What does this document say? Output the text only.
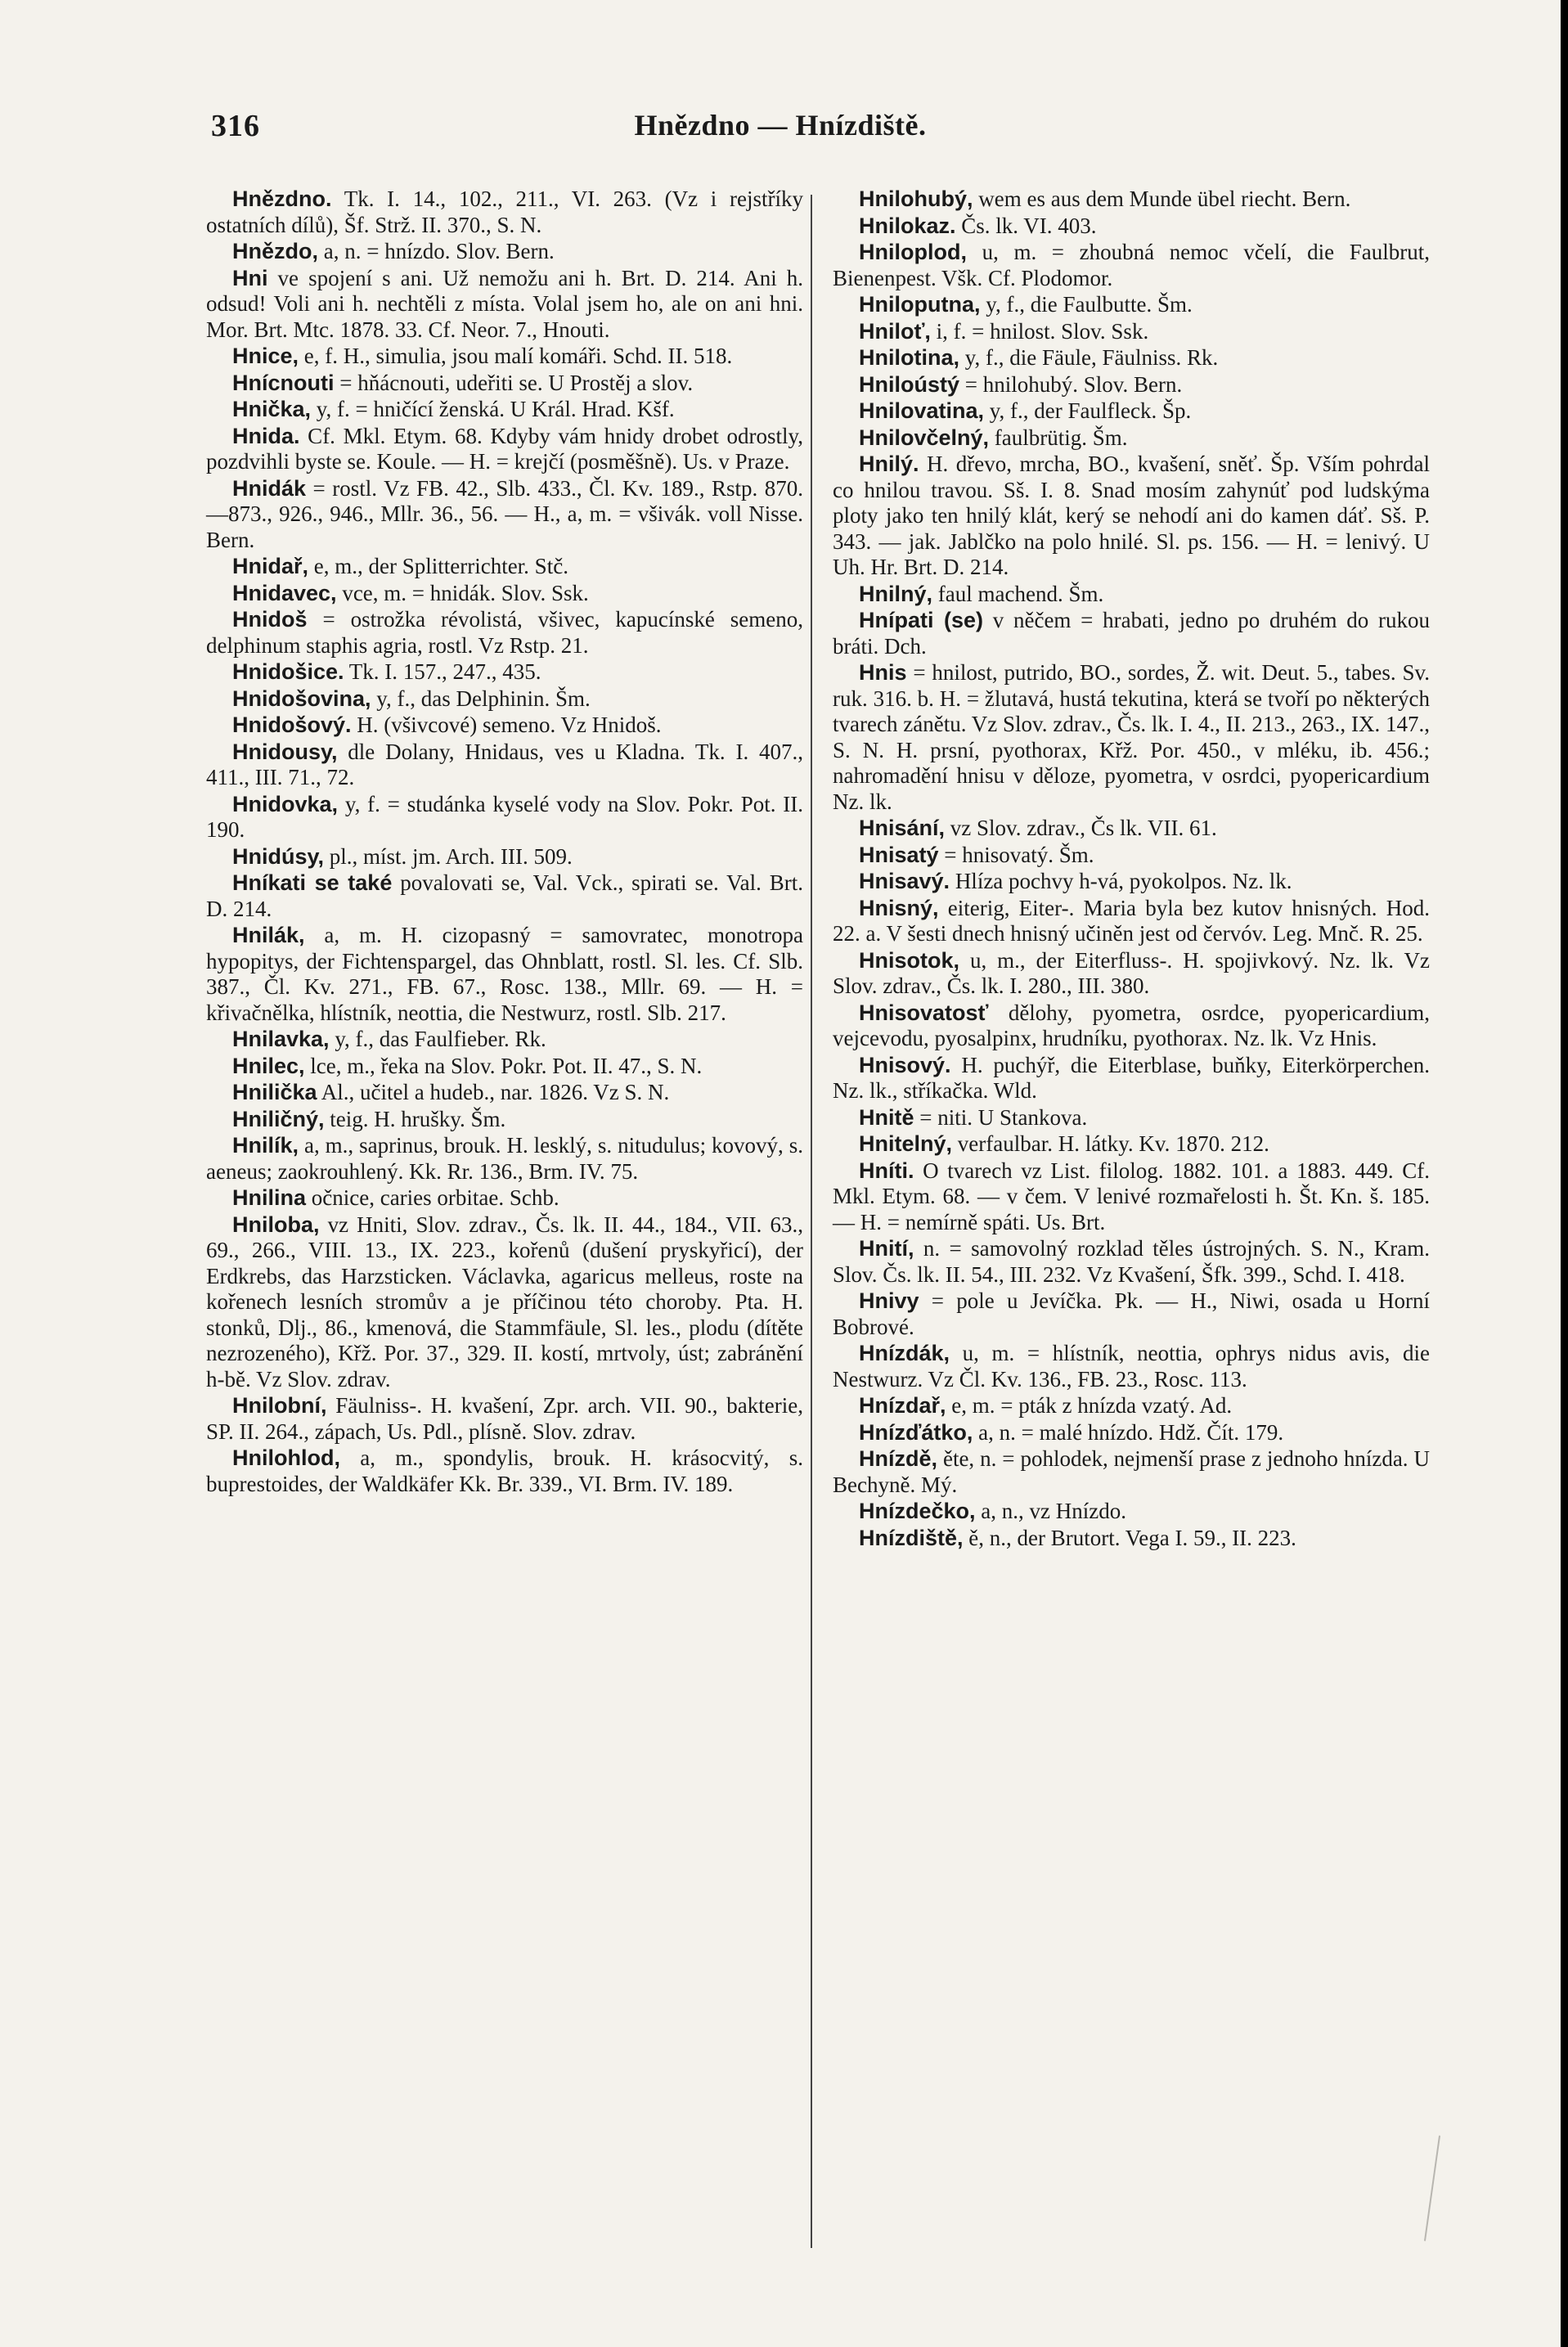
316	Hnězdno — Hnízdiště.

Hnězdno. Tk. I. 14., 102., 211., VI. 263. (Vz i rejstříky ostatních dílů), Šf. Strž. II. 370., S. N.

Hnězdo, a, n. = hnízdo. Slov. Bern.

Hni ve spojení s ani. Už nemožu ani h. Brt. D. 214. Ani h. odsud! Voli ani h. nechtěli z místa. Volal jsem ho, ale on ani hni. Mor. Brt. Mtc. 1878. 33. Cf. Neor. 7., Hnouti.

Hnice, e, f. H., simulia, jsou malí komáři. Schd. II. 518.

Hnícnouti = hňácnouti, udeřiti se. U Prostěj a slov.

Hnička, y, f. = hničící ženská. U Král. Hrad. Kšf.

Hnida. Cf. Mkl. Etym. 68. Kdyby vám hnidy drobet odrostly, pozdvihli byste se. Koule. — H. = krejčí (posměšně). Us. v Praze.

Hnidák = rostl. Vz FB. 42., Slb. 433., Čl. Kv. 189., Rstp. 870.—873., 926., 946., Mllr. 36., 56. — H., a, m. = všivák. voll Nisse. Bern.

Hnidař, e, m., der Splitterrichter. Stč.

Hnidavec, vce, m. = hnidák. Slov. Ssk.

Hnidoš = ostrožka révolistá, všivec, kapucínské semeno, delphinum staphis agria, rostl. Vz Rstp. 21.

Hnidošice. Tk. I. 157., 247., 435.

Hnidošovina, y, f., das Delphinin. Šm.

Hnidošový. H. (všivcové) semeno. Vz Hnidoš.

Hnidousy, dle Dolany, Hnidaus, ves u Kladna. Tk. I. 407., 411., III. 71., 72.

Hnidovka, y, f. = studánka kyselé vody na Slov. Pokr. Pot. II. 190.

Hnidúsy, pl., míst. jm. Arch. III. 509.

Hníkati se také povalovati se, Val. Vck., spirati se. Val. Brt. D. 214.

Hnilák, a, m. H. cizopasný = samovratec, monotropa hypopitys, der Fichtenspargel, das Ohnblatt, rostl. Sl. les. Cf. Slb. 387., Čl. Kv. 271., FB. 67., Rosc. 138., Mllr. 69. — H. = křivačnělka, hlístník, neottia, die Nestwurz, rostl. Slb. 217.

Hnilavka, y, f., das Faulfieber. Rk.

Hnilec, lce, m., řeka na Slov. Pokr. Pot. II. 47., S. N.

Hnilička Al., učitel a hudeb., nar. 1826. Vz S. N.

Hniličný, teig. H. hrušky. Šm.

Hnilík, a, m., saprinus, brouk. H. lesklý, s. nitudulus; kovový, s. aeneus; zaokrouhlený. Kk. Rr. 136., Brm. IV. 75.

Hnilina očnice, caries orbitae. Schb.

Hniloba, vz Hniti, Slov. zdrav., Čs. lk. II. 44., 184., VII. 63., 69., 266., VIII. 13., IX. 223., kořenů (dušení pryskyřicí), der Erdkrebs, das Harzsticken. Václavka, agaricus melleus, roste na kořenech lesních stromův a je příčinou této choroby. Pta. H. stonků, Dlj., 86., kmenová, die Stammfäule, Sl. les., plodu (dítěte nezrozeného), Křž. Por. 37., 329. II. kostí, mrtvoly, úst; zabránění h-bě. Vz Slov. zdrav.

Hnilobní, Fäulniss-. H. kvašení, Zpr. arch. VII. 90., bakterie, SP. II. 264., zápach, Us. Pdl., plísně. Slov. zdrav.

Hnilohlod, a, m., spondylis, brouk. H. krásocvitý, s. buprestoides, der Waldkäfer Kk. Br. 339., VI. Brm. IV. 189.

Hnilohubý, wem es aus dem Munde übel riecht. Bern.

Hnilokaz. Čs. lk. VI. 403.

Hniloplod, u, m. = zhoubná nemoc včelí, die Faulbrut, Bienenpest. Všk. Cf. Plodomor.

Hniloputna, y, f., die Faulbutte. Šm.

Hniloť, i, f. = hnilost. Slov. Ssk.

Hnilotina, y, f., die Fäule, Fäulniss. Rk.

Hniloústý = hnilohubý. Slov. Bern.

Hnilovatina, y, f., der Faulfleck. Šp.

Hnilovčelný, faulbrütig. Šm.

Hnilý. H. dřevo, mrcha, BO., kvašení, sněť. Šp. Vším pohrdal co hnilou travou. Sš. I. 8. Snad mosím zahynúť pod ludskýma ploty jako ten hnilý klát, kerý se nehodí ani do kamen dáť. Sš. P. 343. — jak. Jablčko na polo hnilé. Sl. ps. 156. — H. = lenivý. U Uh. Hr. Brt. D. 214.

Hnilný, faul machend. Šm.

Hnípati (se) v něčem = hrabati, jedno po druhém do rukou bráti. Dch.

Hnis = hnilost, putrido, BO., sordes, Ž. wit. Deut. 5., tabes. Sv. ruk. 316. b. H. = žlutavá, hustá tekutina, která se tvoří po některých tvarech zánětu. Vz Slov. zdrav., Čs. lk. I. 4., II. 213., 263., IX. 147., S. N. H. prsní, pyothorax, Křž. Por. 450., v mléku, ib. 456.; nahromadění hnisu v děloze, pyometra, v osrdci, pyopericardium Nz. lk.

Hnisání, vz Slov. zdrav., Čs lk. VII. 61.

Hnisatý = hnisovatý. Šm.

Hnisavý. Hlíza pochvy h-vá, pyokolpos. Nz. lk.

Hnisný, eiterig, Eiter-. Maria byla bez kutov hnisných. Hod. 22. a. V šesti dnech hnisný učiněn jest od červóv. Leg. Mnč. R. 25.

Hnisotok, u, m., der Eiterfluss-. H. spojivkový. Nz. lk. Vz Slov. zdrav., Čs. lk. I. 280., III. 380.

Hnisovatosť dělohy, pyometra, osrdce, pyopericardium, vejcevodu, pyosalpinx, hrudníku, pyothorax. Nz. lk. Vz Hnis.

Hnisový. H. puchýř, die Eiterblase, buňky, Eiterkörperchen. Nz. lk., stříkačka. Wld.

Hnitě = niti. U Stankova.

Hnitelný, verfaulbar. H. látky. Kv. 1870. 212.

Hníti. O tvarech vz List. filolog. 1882. 101. a 1883. 449. Cf. Mkl. Etym. 68. — v čem. V lenivé rozmařelosti h. Št. Kn. š. 185. — H. = nemírně spáti. Us. Brt.

Hnití, n. = samovolný rozklad těles ústrojných. S. N., Kram. Slov. Čs. lk. II. 54., III. 232. Vz Kvašení, Šfk. 399., Schd. I. 418.

Hnivy = pole u Jevíčka. Pk. — H., Niwi, osada u Horní Bobrové.

Hnízdák, u, m. = hlístník, neottia, ophrys nidus avis, die Nestwurz. Vz Čl. Kv. 136., FB. 23., Rosc. 113.

Hnízdař, e, m. = pták z hnízda vzatý. Ad.

Hnízďátko, a, n. = malé hnízdo. Hdž. Čít. 179.

Hnízdě, ěte, n. = pohlodek, nejmenší prase z jednoho hnízda. U Bechyně. Mý.

Hnízdečko, a, n., vz Hnízdo.

Hnízdiště, ě, n., der Brutort. Vega I. 59., II. 223.
